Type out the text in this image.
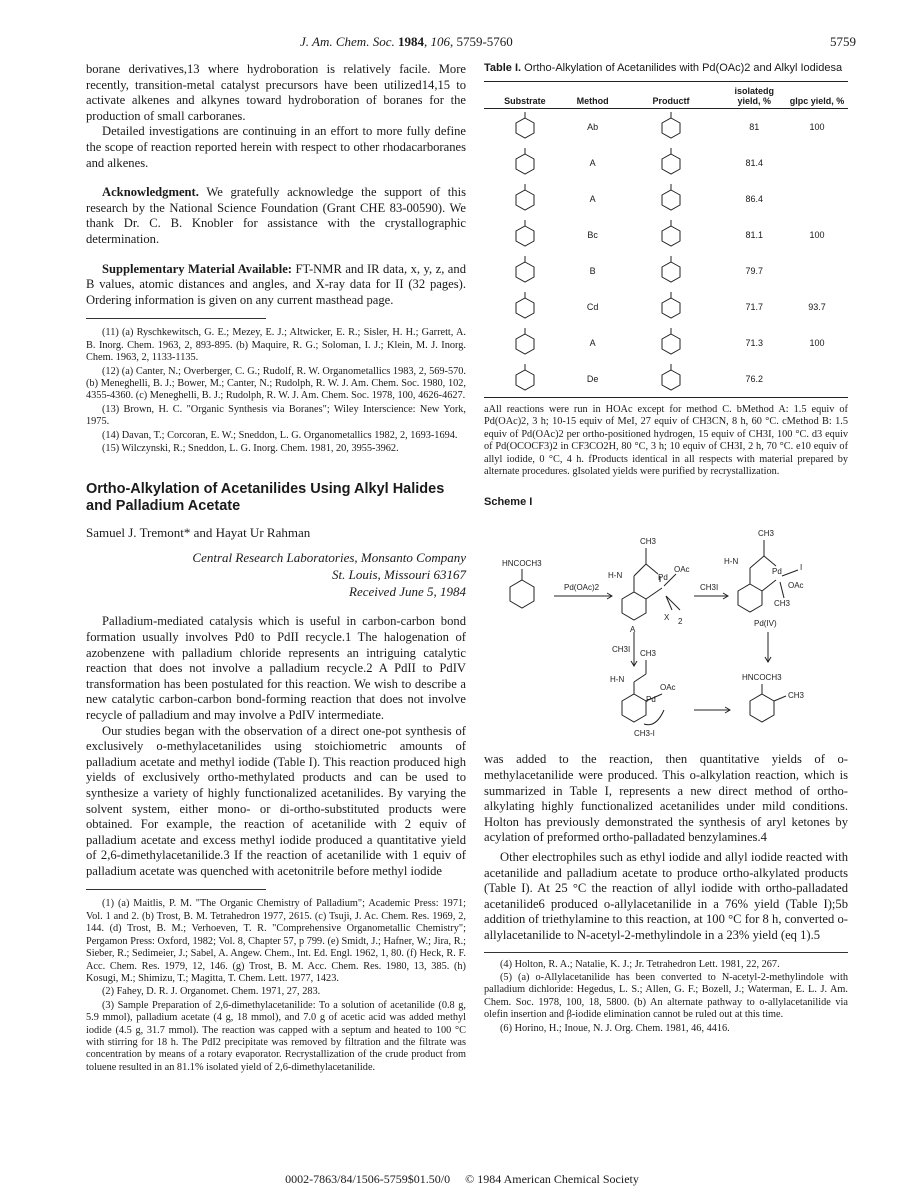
J. Am. Chem. Soc. 1984, 106, 5759-5760	5759

borane derivatives,13 where hydroboration is relatively facile. More recently, transition-metal catalyst precursors have been utilized14,15 to activate alkenes and alkynes toward hydroboration of boranes for the production of small carboranes.

Detailed investigations are continuing in an effort to more fully define the scope of reaction reported herein with respect to other rhodacarboranes and alkenes.

Acknowledgment. We gratefully acknowledge the support of this research by the National Science Foundation (Grant CHE 83-00590). We thank Dr. C. B. Knobler for assistance with the crystallographic determination.

Supplementary Material Available: FT-NMR and IR data, x, y, z, and B values, atomic distances and angles, and X-ray data for II (32 pages). Ordering information is given on any current masthead page.

(11) (a) Ryschkewitsch, G. E.; Mezey, E. J.; Altwicker, E. R.; Sisler, H. H.; Garrett, A. B. Inorg. Chem. 1963, 2, 893-895. (b) Maquire, R. G.; Soloman, I. J.; Klein, M. J. Inorg. Chem. 1963, 2, 1133-1135.

(12) (a) Canter, N.; Overberger, C. G.; Rudolf, R. W. Organometallics 1983, 2, 569-570. (b) Meneghelli, B. J.; Bower, M.; Canter, N.; Rudolph, R. W. J. Am. Chem. Soc. 1980, 102, 4355-4360. (c) Meneghelli, B. J.; Rudolph, R. W. J. Am. Chem. Soc. 1978, 100, 4626-4627.

(13) Brown, H. C. "Organic Synthesis via Boranes"; Wiley Interscience: New York, 1975.

(14) Davan, T.; Corcoran, E. W.; Sneddon, L. G. Organometallics 1982, 2, 1693-1694.

(15) Wilczynski, R.; Sneddon, L. G. Inorg. Chem. 1981, 20, 3955-3962.

Ortho-Alkylation of Acetanilides Using Alkyl Halides and Palladium Acetate
Samuel J. Tremont* and Hayat Ur Rahman
Central Research Laboratories, Monsanto Company
St. Louis, Missouri 63167
Received June 5, 1984

Palladium-mediated catalysis which is useful in carbon-carbon bond formation usually involves Pd0 to PdII recycle.1 The halogenation of azobenzene with palladium chloride represents an intriguing catalytic reaction that does not involve a palladium recycle.2 A PdII to PdIV transformation has been postulated for this reaction. We wish to describe a new catalytic carbon-carbon bond-forming reaction that does not involve recycle of palladium and may involve a PdIV intermediate.

Our studies began with the observation of a direct one-pot synthesis of exclusively o-methylacetanilides using stoichiometric amounts of palladium acetate and methyl iodide (Table I). This reaction produced high yields of exclusively ortho-methylated products and can be used to synthesize a variety of highly functionalized acetanilides. By varying the solvent system, either mono- or di-ortho-substituted products were obtained. For example, the reaction of acetanilide with 2 equiv of palladium acetate and excess methyl iodide produced a quantitative yield of 2,6-dimethylacetanilide.3 If the reaction of acetanilide with 1 equiv of palladium acetate was quenched with acetonitrile before methyl iodide

(1) (a) Maitlis, P. M. "The Organic Chemistry of Palladium"; Academic Press: 1971; Vol. 1 and 2. (b) Trost, B. M. Tetrahedron 1977, 2615. (c) Tsuji, J. Ac. Chem. Res. 1969, 2, 144. (d) Trost, B. M.; Verhoeven, T. R. "Comprehensive Organometallic Chemistry"; Pergamon Press: Oxford, 1982; Vol. 8, Chapter 57, p 799. (e) Smidt, J.; Hafner, W.; Jira, R.; Sieber, R.; Sedimeier, J.; Sabel, A. Angew. Chem., Int. Ed. Engl. 1962, 1, 80. (f) Heck, R. F. Acc. Chem. Res. 1979, 12, 146. (g) Trost, B. M. Acc. Chem. Res. 1980, 13, 385. (h) Kosugi, M.; Shimizu, T.; Magitta, T. Chem. Lett. 1977, 1423.

(2) Fahey, D. R. J. Organomet. Chem. 1971, 27, 283.

(3) Sample Preparation of 2,6-dimethylacetanilide: To a solution of acetanilide (0.8 g, 5.9 mmol), palladium acetate (4 g, 18 mmol), and 7.0 g of acetic acid was added methyl iodide (4.5 g, 31.7 mmol). The reaction was capped with a septum and heated to 100 °C with stirring for 18 h. The PdI2 precipitate was removed by filtration and the filtrate was concentration by means of a rotary evaporator. Recrystallization of the crude product from toluene resulted in an 81.1% isolated yield of 2,6-dimethylacetanilide.

Table I. Ortho-Alkylation of Acetanilides with Pd(OAc)2 and Alkyl Iodidesa
Substrate	Method	Productf	isolatedg yield, %	glpc yield, %

	Ab		81	100

	A		81.4	

	A		86.4	

	Bc		81.1	100

	B		79.7	

	Cd		71.7	93.7

	A		71.3	100

	De		76.2	
aAll reactions were run in HOAc except for method C. bMethod A: 1.5 equiv of Pd(OAc)2, 3 h; 10-15 equiv of MeI, 27 equiv of CH3CN, 8 h, 60 °C. cMethod B: 1.5 equiv of Pd(OAc)2 per ortho-positioned hydrogen, 15 equiv of CH3I, 100 °C. d3 equiv of Pd(OCOCF3)2 in CF3CO2H, 80 °C, 3 h; 10 equiv of CH3I, 2 h, 70 °C. e10 equiv of allyl iodide, 0 °C, 4 h. fProducts identical in all respects with material prepared by alternate procedures. gIsolated yields were purified by recrystallization.
Scheme I
HNCOCH3
Pd(OAc)2
CH3
H-N	Pd
OAc
X 2
A
CH3I
CH3
H-N
Pd I
OAc
CH3
Pd(IV)
CH3I CH3
H-N
OAc
Pd
CH3-I
HNCOCH3
CH3

was added to the reaction, then quantitative yields of o-methylacetanilide were produced. This o-alkylation reaction, which is summarized in Table I, represents a new direct method of ortho-alkylating highly functionalized acetanilides under mild conditions. Holton has previously demonstrated the synthesis of aryl ketones by acylation of preformed ortho-palladated benzylamines.4

Other electrophiles such as ethyl iodide and allyl iodide reacted with acetanilide and palladium acetate to produce ortho-alkylated products (Table I). At 25 °C the reaction of allyl iodide with ortho-palladated acetanilide6 produced o-allylacetanilide in a 76% yield (Table I);5b addition of triethylamine to this reaction, at 100 °C for 8 h, converted o-allylacetanilide to N-acetyl-2-methylindole in a 23% yield (eq 1).5

(4) Holton, R. A.; Natalie, K. J.; Jr. Tetrahedron Lett. 1981, 22, 267.

(5) (a) o-Allylacetanilide has been converted to N-acetyl-2-methylindole with palladium dichloride: Hegedus, L. S.; Allen, G. F.; Bozell, J.; Waterman, E. L. J. Am. Chem. Soc. 1978, 100, 18, 5800. (b) An alternate pathway to o-allylacetanilide via olefin insertion and β-iodide elimination cannot be ruled out at this time.

(6) Horino, H.; Inoue, N. J. Org. Chem. 1981, 46, 4416.

0002-7863/84/1506-5759$01.50/0 © 1984 American Chemical Society
